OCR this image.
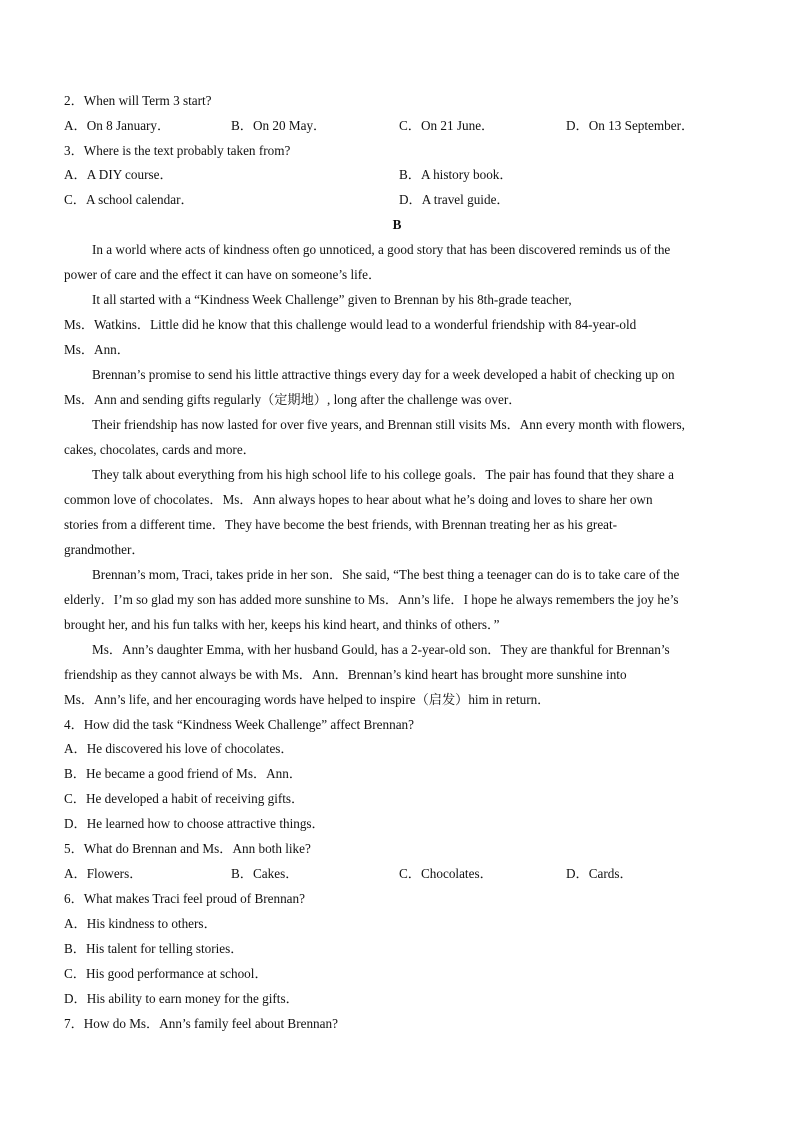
2．When will Term 3 start?
A．On 8 January．	B．On 20 May．	C．On 21 June．	D．On 13 September．
3．Where is the text probably taken from?
A．A DIY course．	B．A history book．
C．A school calendar．	D．A travel guide．
B
In a world where acts of kindness often go unnoticed, a good story that has been discovered reminds us of the
power of care and the effect it can have on someone’s life．
It all started with a “Kindness Week Challenge” given to Brennan by his 8th-grade teacher,
Ms．Watkins．Little did he know that this challenge would lead to a wonderful friendship with 84-year-old
Ms．Ann．
Brennan’s promise to send his little attractive things every day for a week developed a habit of checking up on
Ms．Ann and sending gifts regularly（定期地）, long after the challenge was over．
Their friendship has now lasted for over five years, and Brennan still visits Ms．Ann every month with flowers,
cakes, chocolates, cards and more．
They talk about everything from his high school life to his college goals．The pair has found that they share a
common love of chocolates．Ms．Ann always hopes to hear about what he’s doing and loves to share her own
stories from a different time．They have become the best friends, with Brennan treating her as his great-
grandmother．
Brennan’s mom, Traci, takes pride in her son．She said, “The best thing a teenager can do is to take care of the
elderly．I’m so glad my son has added more sunshine to Ms．Ann’s life．I hope he always remembers the joy he’s
brought her, and his fun talks with her, keeps his kind heart, and thinks of others．”
Ms．Ann’s daughter Emma, with her husband Gould, has a 2-year-old son．They are thankful for Brennan’s
friendship as they cannot always be with Ms．Ann．Brennan’s kind heart has brought more sunshine into
Ms．Ann’s life, and her encouraging words have helped to inspire（启发）him in return．
4．How did the task “Kindness Week Challenge” affect Brennan?
A．He discovered his love of chocolates．
B．He became a good friend of Ms．Ann．
C．He developed a habit of receiving gifts．
D．He learned how to choose attractive things．
5．What do Brennan and Ms．Ann both like?
A．Flowers．	B．Cakes．	C．Chocolates．	D．Cards．
6．What makes Traci feel proud of Brennan?
A．His kindness to others．
B．His talent for telling stories．
C．His good performance at school．
D．His ability to earn money for the gifts．
7．How do Ms．Ann’s family feel about Brennan?
